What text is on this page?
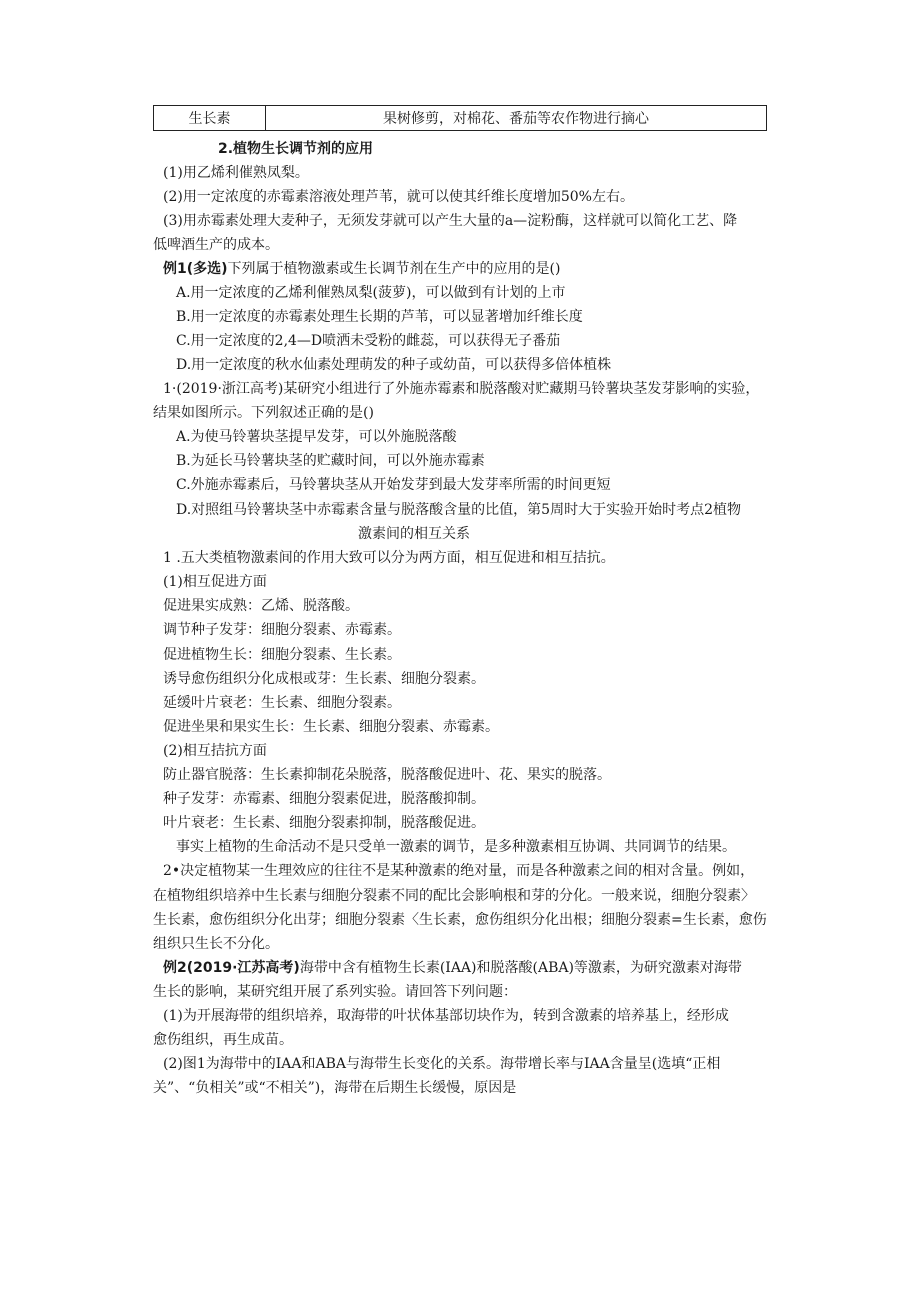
生长素	果树修剪，对棉花、番茄等农作物进行摘心
2.植物生长调节剂的应用
(1)用乙烯利催熟凤梨。
(2)用一定浓度的赤霉素溶液处理芦苇，就可以使其纤维长度增加50%左右。
(3)用赤霉素处理大麦种子，无须发芽就可以产生大量的a—淀粉酶，这样就可以简化工艺、降
低啤酒生产的成本。
例1(多选)下列属于植物激素或生长调节剂在生产中的应用的是()
A.用一定浓度的乙烯利催熟凤梨(菠萝)，可以做到有计划的上市
B.用一定浓度的赤霉素处理生长期的芦苇，可以显著增加纤维长度
C.用一定浓度的2,4—D喷洒未受粉的雌蕊，可以获得无子番茄
D.用一定浓度的秋水仙素处理萌发的种子或幼苗，可以获得多倍体植株
1·(2019·浙江高考)某研究小组进行了外施赤霉素和脱落酸对贮藏期马铃薯块茎发芽影响的实验，
结果如图所示。下列叙述正确的是()
A.为使马铃薯块茎提早发芽，可以外施脱落酸
B.为延长马铃薯块茎的贮藏时间，可以外施赤霉素
C.外施赤霉素后，马铃薯块茎从开始发芽到最大发芽率所需的时间更短
D.对照组马铃薯块茎中赤霉素含量与脱落酸含量的比值，第5周时大于实验开始时考点2植物
激素间的相互关系
1 .五大类植物激素间的作用大致可以分为两方面，相互促进和相互拮抗。
(1)相互促进方面
促进果实成熟：乙烯、脱落酸。
调节种子发芽：细胞分裂素、赤霉素。
促进植物生长：细胞分裂素、生长素。
诱导愈伤组织分化成根或芽：生长素、细胞分裂素。
延缓叶片衰老：生长素、细胞分裂素。
促进坐果和果实生长：生长素、细胞分裂素、赤霉素。
(2)相互拮抗方面
防止器官脱落：生长素抑制花朵脱落，脱落酸促进叶、花、果实的脱落。
种子发芽：赤霉素、细胞分裂素促进，脱落酸抑制。
叶片衰老：生长素、细胞分裂素抑制，脱落酸促进。
事实上植物的生命活动不是只受单一激素的调节，是多种激素相互协调、共同调节的结果。
2•决定植物某一生理效应的往往不是某种激素的绝对量，而是各种激素之间的相对含量。例如，
在植物组织培养中生长素与细胞分裂素不同的配比会影响根和芽的分化。一般来说，细胞分裂素〉
生长素，愈伤组织分化出芽；细胞分裂素〈生长素，愈伤组织分化出根；细胞分裂素=生长素，愈伤
组织只生长不分化。
例2(2019·江苏高考)海带中含有植物生长素(IAA)和脱落酸(ABA)等激素，为研究激素对海带
生长的影响，某研究组开展了系列实验。请回答下列问题：
(1)为开展海带的组织培养，取海带的叶状体基部切块作为，转到含激素的培养基上，经形成
愈伤组织，再生成苗。
(2)图1为海带中的IAA和ABA与海带生长变化的关系。海带增长率与IAA含量呈(选填“正相
关”、“负相关”或“不相关”)，海带在后期生长缓慢，原因是
